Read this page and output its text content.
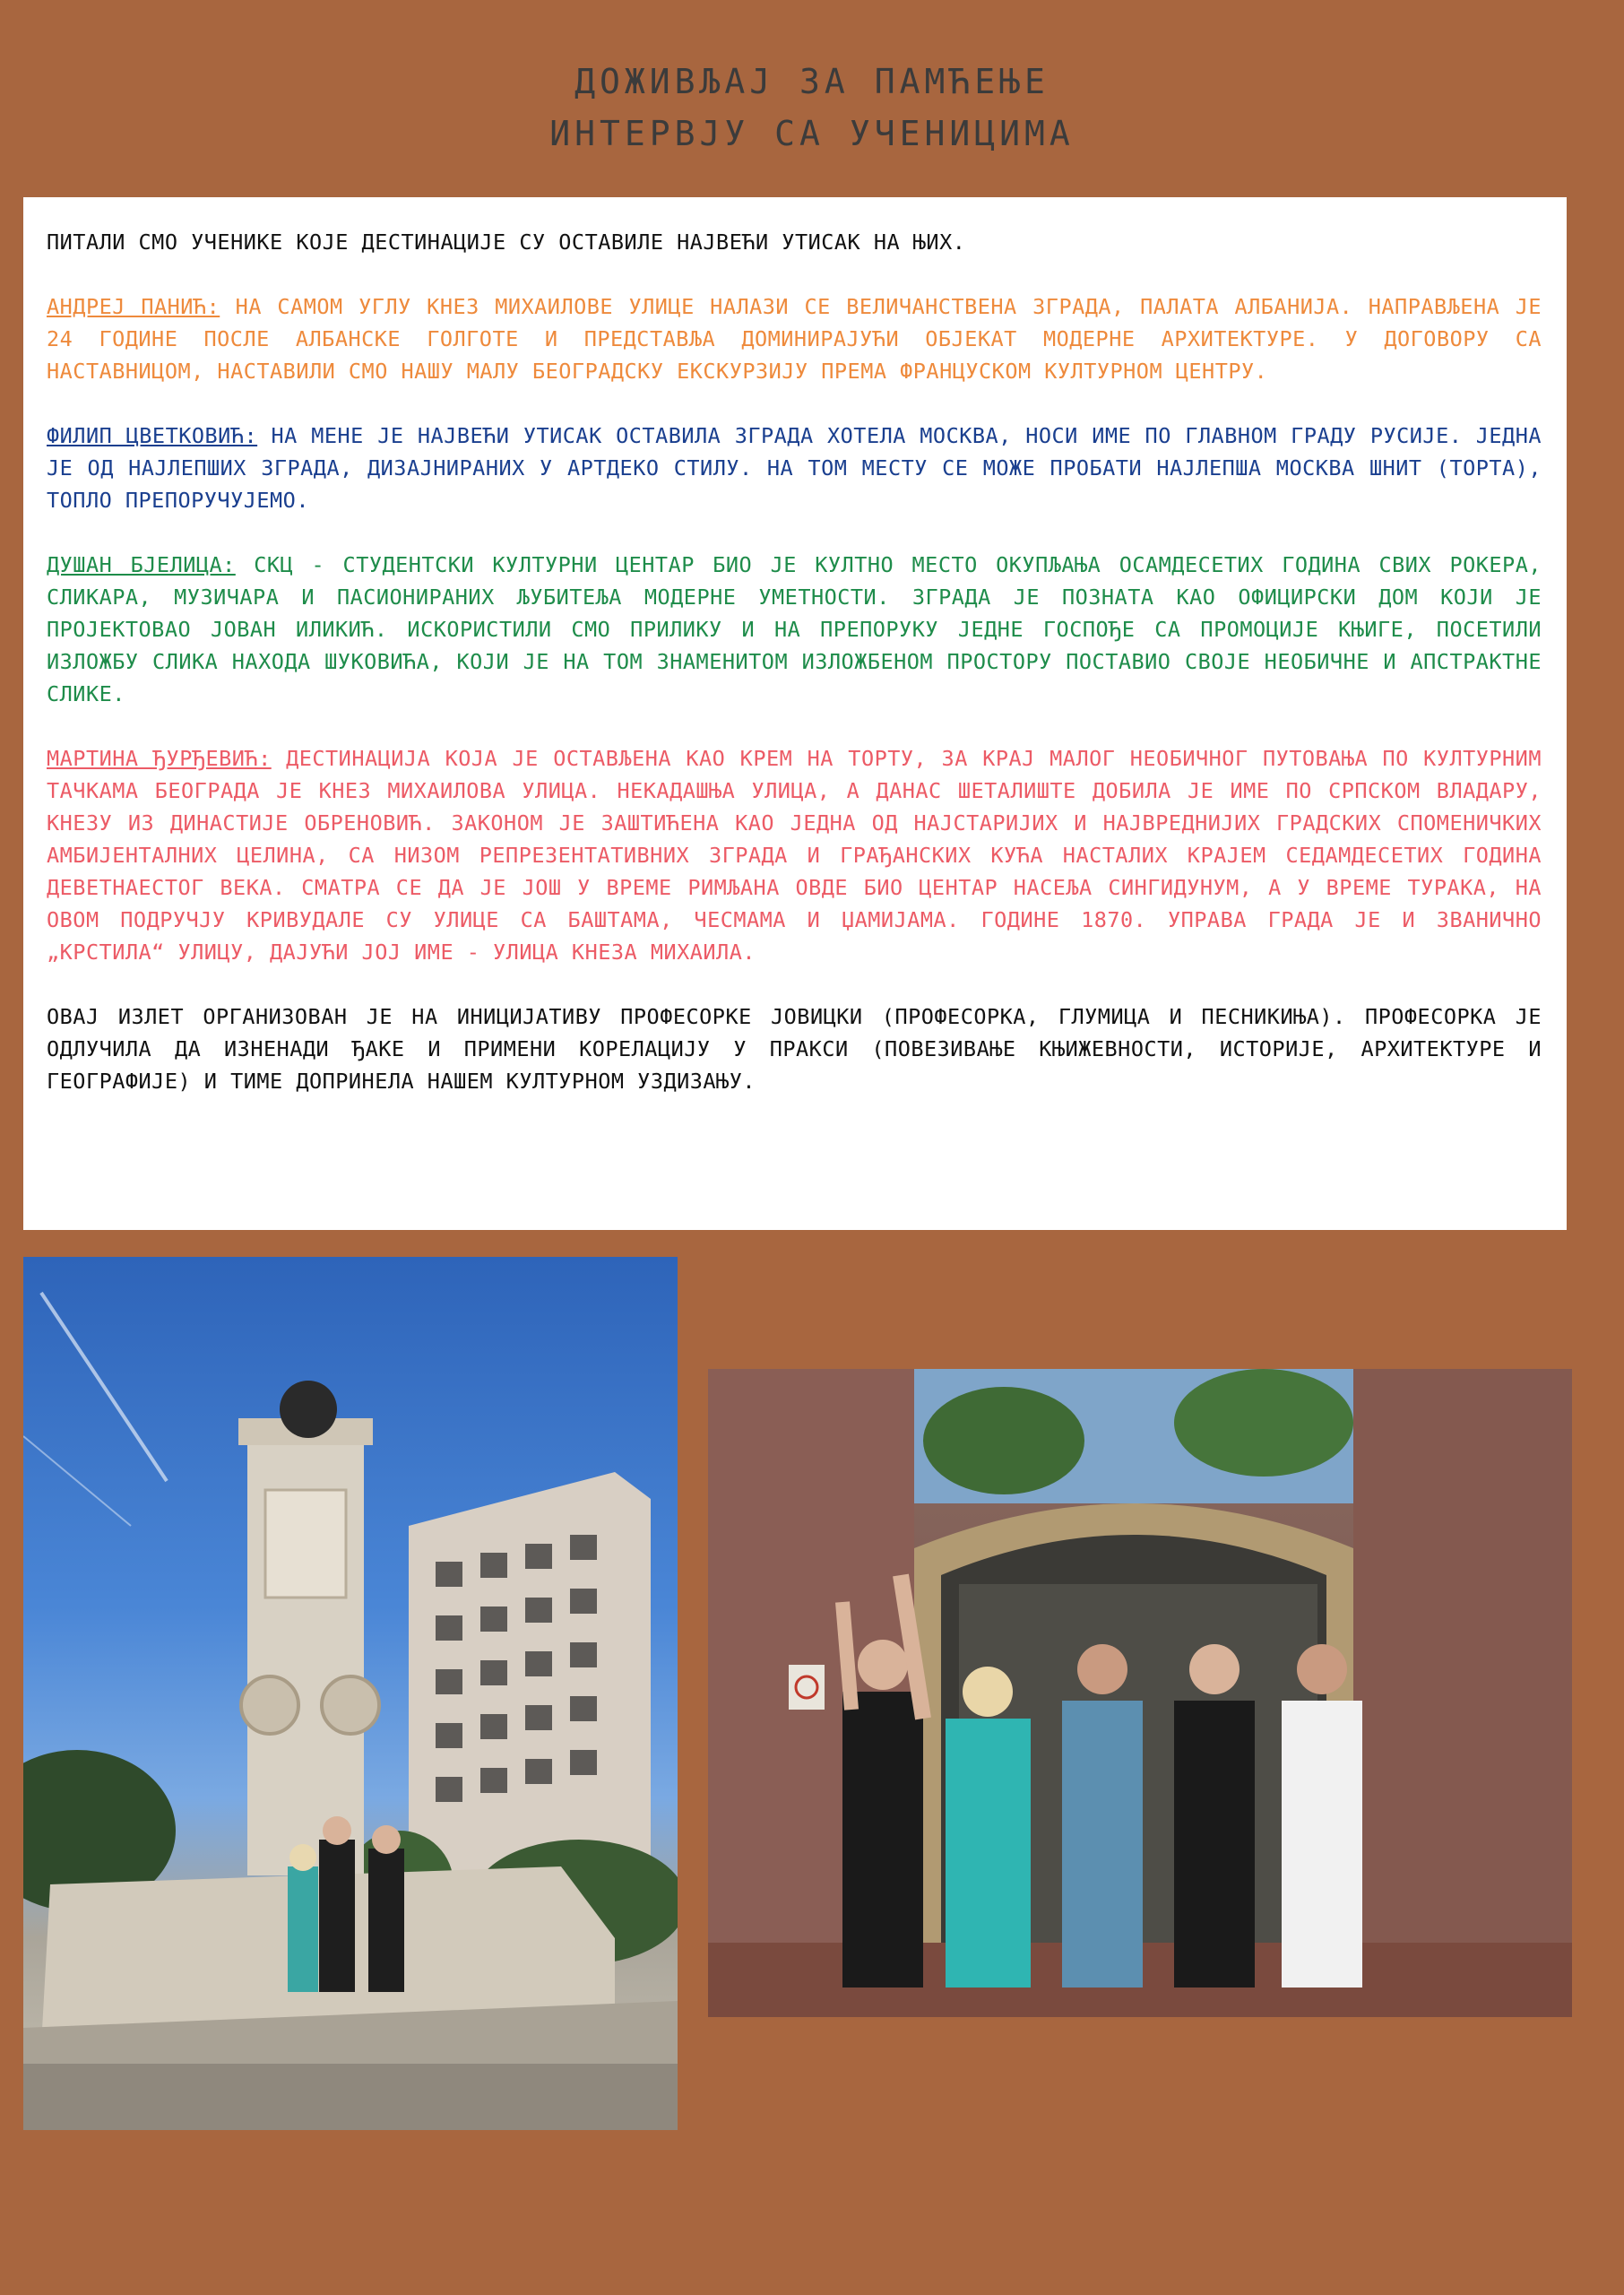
ДОЖИВЉАЈ ЗА ПАМЋЕЊЕ
ИНТЕРВЈУ СА УЧЕНИЦИМА

ПИТАЛИ СМО УЧЕНИКЕ КОЈЕ ДЕСТИНАЦИЈЕ СУ ОСТАВИЛЕ НАЈВЕЋИ УТИСАК НА ЊИХ.

АНДРЕЈ ПАНИЋ: НА САМОМ УГЛУ КНЕЗ МИХАИЛОВЕ УЛИЦЕ НАЛАЗИ СЕ ВЕЛИЧАНСТВЕНА ЗГРАДА, ПАЛАТА АЛБАНИЈА. НАПРАВЉЕНА ЈЕ 24 ГОДИНЕ ПОСЛЕ АЛБАНСКЕ ГОЛГОТЕ И ПРЕДСТАВЉА ДОМИНИРАЈУЋИ ОБЈЕКАТ МОДЕРНЕ АРХИТЕКТУРЕ. У ДОГОВОРУ СА НАСТАВНИЦОМ, НАСТАВИЛИ СМО НАШУ МАЛУ БЕОГРАДСКУ ЕКСКУРЗИЈУ ПРЕМА ФРАНЦУСКОМ КУЛТУРНОМ ЦЕНТРУ.

ФИЛИП ЦВЕТКОВИЋ: НА МЕНЕ ЈЕ НАЈВЕЋИ УТИСАК ОСТАВИЛА ЗГРАДА ХОТЕЛА МОСКВА, НОСИ ИМЕ ПО ГЛАВНОМ ГРАДУ РУСИЈЕ. ЈЕДНА ЈЕ ОД НАЈЛЕПШИХ ЗГРАДА, ДИЗАЈНИРАНИХ У АРТДЕКО СТИЛУ. НА ТОМ МЕСТУ СЕ МОЖЕ ПРОБАТИ НАЈЛЕПША МОСКВА ШНИТ (ТОРТА), ТОПЛО ПРЕПОРУЧУЈЕМО.

ДУШАН БЈЕЛИЦА: СКЦ - СТУДЕНТСКИ КУЛТУРНИ ЦЕНТАР БИО ЈЕ КУЛТНО МЕСТО ОКУПЉАЊА ОСАМДЕСЕТИХ ГОДИНА СВИХ РОКЕРА, СЛИКАРА, МУЗИЧАРА И ПАСИОНИРАНИХ ЉУБИТЕЉА МОДЕРНЕ УМЕТНОСТИ. ЗГРАДА ЈЕ ПОЗНАТА КАО ОФИЦИРСКИ ДОМ КОЈИ ЈЕ ПРОЈЕКТОВАО ЈОВАН ИЛИКИЋ. ИСКОРИСТИЛИ СМО ПРИЛИКУ И НА ПРЕПОРУКУ ЈЕДНЕ ГОСПОЂЕ СА ПРОМОЦИЈЕ КЊИГЕ, ПОСЕТИЛИ ИЗЛОЖБУ СЛИКА НАХОДА ШУКОВИЋА, КОЈИ ЈЕ НА ТОМ ЗНАМЕНИТОМ ИЗЛОЖБЕНОМ ПРОСТОРУ ПОСТАВИО СВОЈЕ НЕОБИЧНЕ И АПСТРАКТНЕ СЛИКЕ.

МАРТИНА ЂУРЂЕВИЋ: ДЕСТИНАЦИЈА КОЈА ЈЕ ОСТАВЉЕНА КАО КРЕМ НА ТОРТУ, ЗА КРАЈ МАЛОГ НЕОБИЧНОГ ПУТОВАЊА ПО КУЛТУРНИМ ТАЧКАМА БЕОГРАДА ЈЕ КНЕЗ МИХАИЛОВА УЛИЦА. НЕКАДАШЊА УЛИЦА, А ДАНАС ШЕТАЛИШТЕ ДОБИЛА ЈЕ ИМЕ ПО СРПСКОМ ВЛАДАРУ, КНЕЗУ ИЗ ДИНАСТИЈЕ ОБРЕНОВИЋ. ЗАКОНОМ ЈЕ ЗАШТИЋЕНА КАО ЈЕДНА ОД НАЈСТАРИЈИХ И НАЈВРЕДНИЈИХ ГРАДСКИХ СПОМЕНИЧКИХ АМБИЈЕНТАЛНИХ ЦЕЛИНА, СА НИЗОМ РЕПРЕЗЕНТАТИВНИХ ЗГРАДА И ГРАЂАНСКИХ КУЋА НАСТАЛИХ КРАЈЕМ СЕДАМДЕСЕТИХ ГОДИНА ДЕВЕТНАЕСТОГ ВЕКА. СМАТРА СЕ ДА ЈЕ ЈОШ У ВРЕМЕ РИМЉАНА ОВДЕ БИО ЦЕНТАР НАСЕЉА СИНГИДУНУМ, А У ВРЕМЕ ТУРАКА, НА ОВОМ ПОДРУЧЈУ КРИВУДАЛЕ СУ УЛИЦЕ СА БАШТАМА, ЧЕСМАМА И ЏАМИЈАМА. ГОДИНЕ 1870. УПРАВА ГРАДА ЈЕ И ЗВАНИЧНО „КРСТИЛА“ УЛИЦУ, ДАЈУЋИ ЈОЈ ИМЕ - УЛИЦА КНЕЗА МИХАИЛА.

ОВАЈ ИЗЛЕТ ОРГАНИЗОВАН ЈЕ НА ИНИЦИЈАТИВУ ПРОФЕСОРКЕ ЈОВИЦКИ (ПРОФЕСОРКА, ГЛУМИЦА И ПЕСНИКИЊА). ПРОФЕСОРКА ЈЕ ОДЛУЧИЛА ДА ИЗНЕНАДИ ЂАКЕ И ПРИМЕНИ КОРЕЛАЦИЈУ У ПРАКСИ (ПОВЕЗИВАЊЕ КЊИЖЕВНОСТИ, ИСТОРИЈЕ, АРХИТЕКТУРЕ И ГЕОГРАФИЈЕ) И ТИМЕ ДОПРИНЕЛА НАШЕМ КУЛТУРНОМ УЗДИЗАЊУ.
